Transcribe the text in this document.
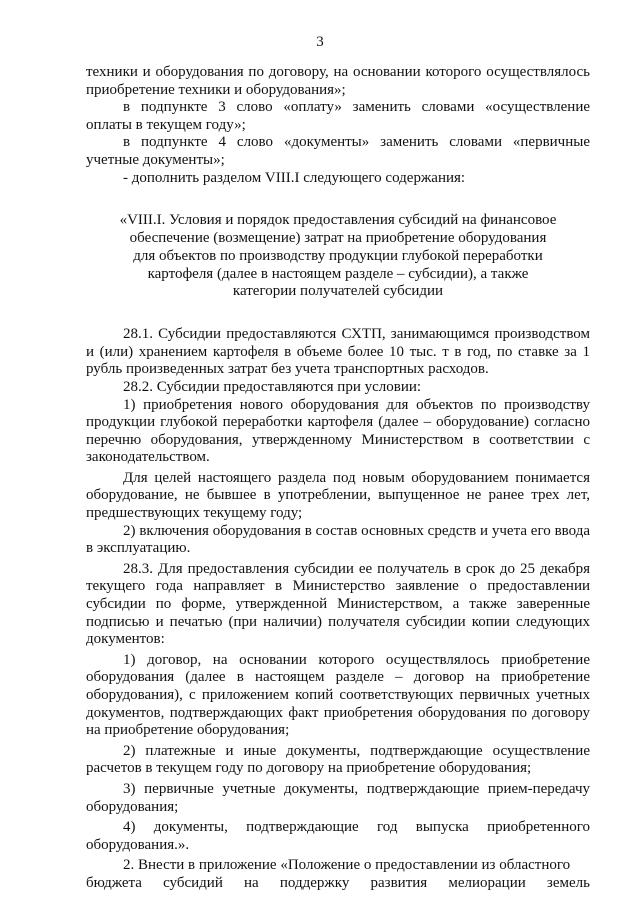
3

техники и оборудования по договору, на основании которого осуществлялось приобретение техники и оборудования»;

в подпункте 3 слово «оплату» заменить словами «осуществление оплаты в текущем году»;

в подпункте 4 слово «документы» заменить словами «первичные учетные документы»;

- дополнить разделом VIII.I следующего содержания:

«VIII.I. Условия и порядок предоставления субсидий на финансовое
обеспечение (возмещение) затрат на приобретение оборудования
для объектов по производству продукции глубокой переработки
картофеля (далее в настоящем разделе – субсидии), а также
категории получателей субсидии

28.1. Субсидии предоставляются СХТП, занимающимся производством и (или) хранением картофеля в объеме более 10 тыс. т в год, по ставке за 1 рубль произведенных затрат без учета транспортных расходов.

28.2. Субсидии предоставляются при условии:

1) приобретения нового оборудования для объектов по производству продукции глубокой переработки картофеля (далее – оборудование) согласно перечню оборудования, утвержденному Министерством в соответствии с законодательством.

Для целей настоящего раздела под новым оборудованием понимается оборудование, не бывшее в употреблении, выпущенное не ранее трех лет, предшествующих текущему году;

2) включения оборудования в состав основных средств и учета его ввода в эксплуатацию.

28.3. Для предоставления субсидии ее получатель в срок до 25 декабря текущего года направляет в Министерство заявление о предоставлении субсидии по форме, утвержденной Министерством, а также заверенные подписью и печатью (при наличии) получателя субсидии копии следующих документов:

1) договор, на основании которого осуществлялось приобретение оборудования (далее в настоящем разделе – договор на приобретение оборудования), с приложением копий соответствующих первичных учетных документов, подтверждающих факт приобретения оборудования по договору на приобретение оборудования;

2) платежные и иные документы, подтверждающие осуществление расчетов в текущем году по договору на приобретение оборудования;

3) первичные учетные документы, подтверждающие прием-передачу оборудования;

4) документы, подтверждающие год выпуска приобретенного оборудования.».

2. Внести в приложение «Положение о предоставлении из областного

бюджета субсидий на поддержку развития мелиорации земель
